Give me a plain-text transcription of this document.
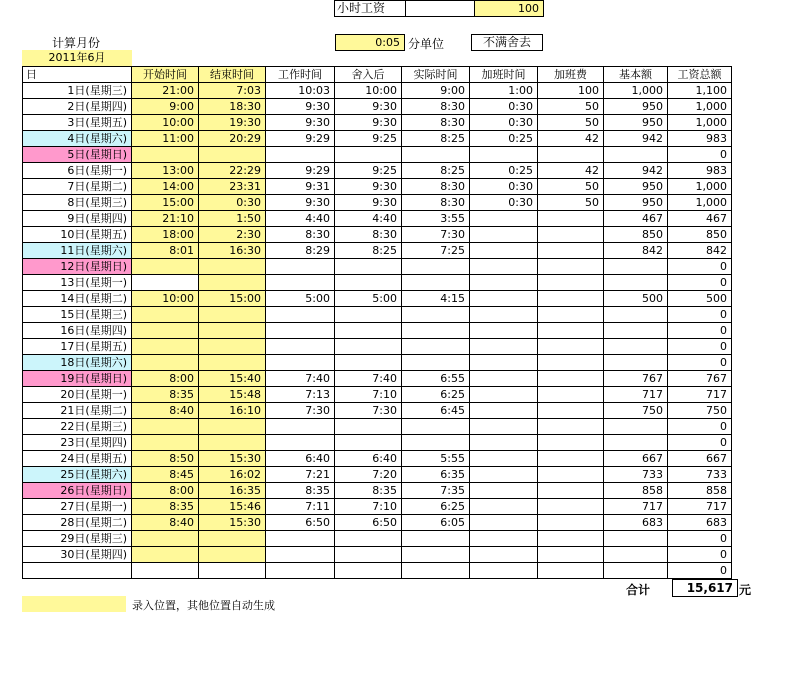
小时工资	100
计算月份
2011年6月
0:05 分单位	不满舍去
日	开始时间	结束时间	工作时间	舍入后	实际时间	加班时间	加班费	基本额	工资总额
1日(星期三)	21:00	7:03	10:03	10:00	9:00	1:00	100	1,000	1,100
2日(星期四)	9:00	18:30	9:30	9:30	8:30	0:30	50	950	1,000
3日(星期五)	10:00	19:30	9:30	9:30	8:30	0:30	50	950	1,000
4日(星期六)	11:00	20:29	9:29	9:25	8:25	0:25	42	942	983
5日(星期日)									0
6日(星期一)	13:00	22:29	9:29	9:25	8:25	0:25	42	942	983
7日(星期二)	14:00	23:31	9:31	9:30	8:30	0:30	50	950	1,000
8日(星期三)	15:00	0:30	9:30	9:30	8:30	0:30	50	950	1,000
9日(星期四)	21:10	1:50	4:40	4:40	3:55			467	467
10日(星期五)	18:00	2:30	8:30	8:30	7:30			850	850
11日(星期六)	8:01	16:30	8:29	8:25	7:25			842	842
12日(星期日)									0
13日(星期一)									0
14日(星期二)	10:00	15:00	5:00	5:00	4:15			500	500
15日(星期三)									0
16日(星期四)									0
17日(星期五)									0
18日(星期六)									0
19日(星期日)	8:00	15:40	7:40	7:40	6:55			767	767
20日(星期一)	8:35	15:48	7:13	7:10	6:25			717	717
21日(星期二)	8:40	16:10	7:30	7:30	6:45			750	750
22日(星期三)									0
23日(星期四)									0
24日(星期五)	8:50	15:30	6:40	6:40	5:55			667	667
25日(星期六)	8:45	16:02	7:21	7:20	6:35			733	733
26日(星期日)	8:00	16:35	8:35	8:35	7:35			858	858
27日(星期一)	8:35	15:46	7:11	7:10	6:25			717	717
28日(星期二)	8:40	15:30	6:50	6:50	6:05			683	683
29日(星期三)									0
30日(星期四)									0
									0
合计	15,617 元
录入位置，其他位置自动生成
